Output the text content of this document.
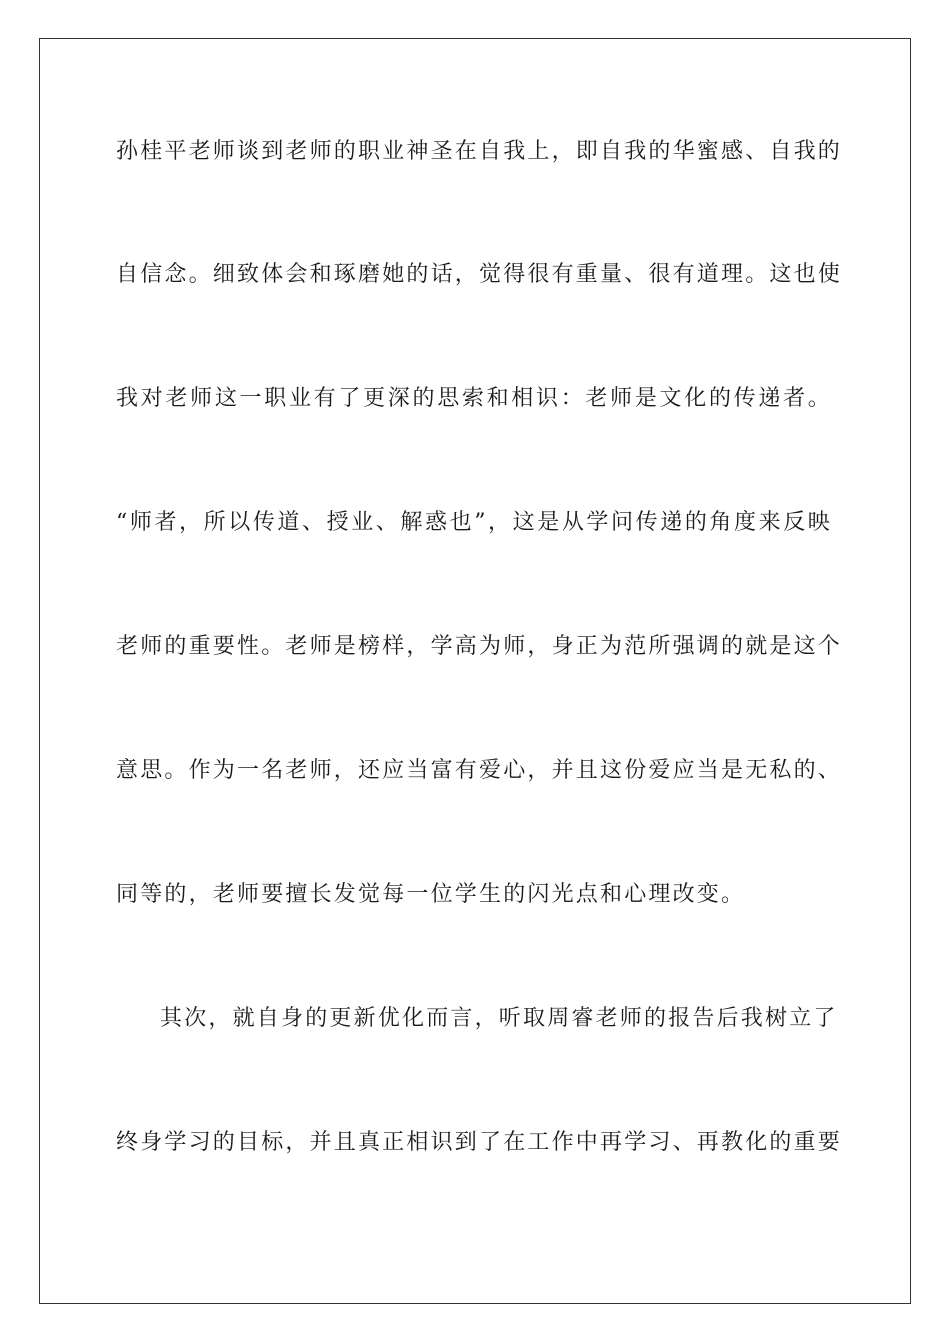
孙桂平老师谈到老师的职业神圣在自我上，即自我的华蜜感、自我的
自信念。细致体会和琢磨她的话，觉得很有重量、很有道理。这也使
我对老师这一职业有了更深的思索和相识：老师是文化的传递者。
“师者，所以传道、授业、解惑也”，这是从学问传递的角度来反映
老师的重要性。老师是榜样，学高为师，身正为范所强调的就是这个
意思。作为一名老师，还应当富有爱心，并且这份爱应当是无私的、
同等的，老师要擅长发觉每一位学生的闪光点和心理改变。
其次，就自身的更新优化而言，听取周睿老师的报告后我树立了
终身学习的目标，并且真正相识到了在工作中再学习、再教化的重要
